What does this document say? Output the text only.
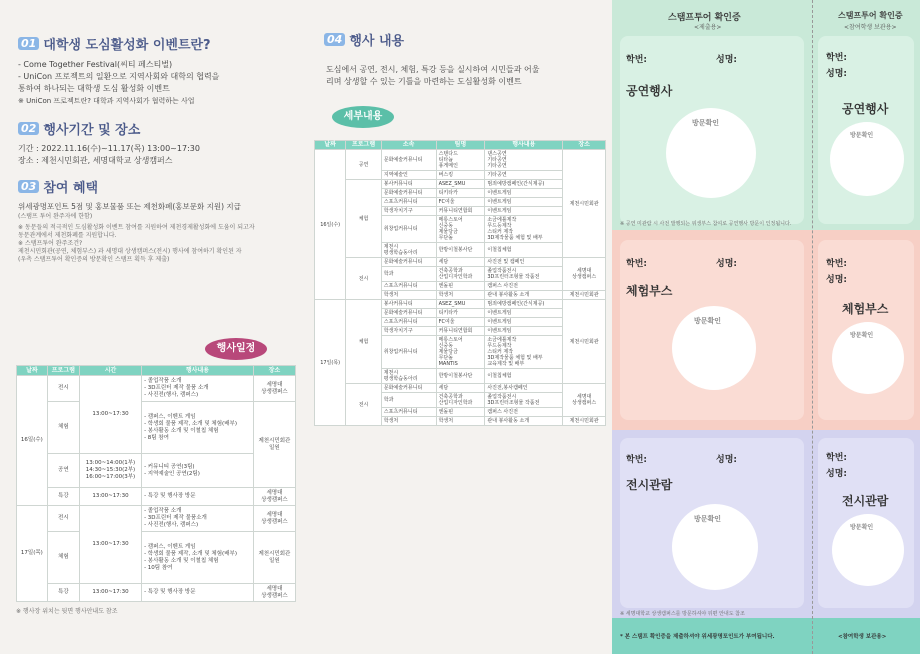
01 대학생 도심활성화 이벤트란?
- Come Together Festival(씨티 페스티벌)
- UniCon 프로젝트의 일환으로 지역사회와 대학의 협력을
통하여 하나되는 대학생 도심 활성화 이벤트
※ UniCon 프로젝트란? 대학과 지역사회가 협력하는 사업
02 행사기간 및 장소
기간 : 2022.11.16(수)~11.17(목) 13:00~17:30
장소 : 제천시민회관, 세명대학교 상생캠퍼스
03 참여 혜택
위세광명포인트 5점 및 홍보물품 또는 제천화폐(홍보문화 지원) 지급
(스탬프 투어 완주자에 한함)
※ 동문들의 적극적인 도심활성화 이벤트 참여를 지원하여 제천경제활성화에 도움이 되고자
동문관계에서 제천화폐를 지원합니다.
※ 스탬프투어 완주조건?
제천시민회관(공연, 체험부스) 과 세명대 상생캠퍼스(전시) 행사에 참여하기 확인된 자
(우측 스탬프투어 확인증의 방문확인 스탬프 획득 후 제출)
행사일정
날짜	프로그램	시간	행사내용	장소
16일(수)	전시	13:00~17:30	- 졸업작품 소개
- 3D프린터 제작 물품 소개
- 사진전(행사, 캠퍼스)	세명대
상생캠퍼스
	체험		- 캠퍼스, 이벤트 게임
- 학생회 물품 제작, 소개 및 체험(배부)
- 봉사활동 소개 및 이철칩 체험
- 8팀 참여	제천시민회관
일원
	공연	13:00~14:00(1부)
14:30~15:30(2부)
16:00~17:00(3부)	- 커뮤니티 공연(3팀)
- 지역예술인 공연(2팀)	
	특강	13:00~17:30	- 특강 및 행사장 방문	세명대
상생캠퍼스
17일(목)	전시	13:00~17:30	- 졸업작품 소개
- 3D프린터 제작 물품소개
- 사진전(행사, 캠퍼스)	세명대
상생캠퍼스
	체험		- 캠퍼스, 이벤트 게임
- 학생회 물품 제작, 소개 및 체험(배부)
- 봉사활동 소개 및 이철칩 체험
- 10팀 참여	제천시민회관
일원
	특강	13:00~17:30	- 특강 및 행사장 방문	세명대
상생캠퍼스
※ 행사장 위치는 뒷면 행사안내도 참조
04 행사 내용
도심에서 공연, 전시, 체험, 특강 등을 실시하여 시민들과 어울
리며 상생할 수 있는 기틀을 마련하는 도심활성화 이벤트
세부내용
날짜	프로그램	소속	팀명	행사내용	장소
16일(수)	공연	문화예술커뮤니티	스탠다드
티타늄
퐁게메인	댄스공연
기타공연
기타공연	제천시민회관
		지역예술인	버스킹	기타공연	
	체험	봉사커뮤니티	ASEZ_SMU	범죄예방캠페인(간식제공)	
		문화예술커뮤니티	티키타카	이벤트게임	
		스포츠커뮤니티	FC여울	이벤트게임	
		학생자치기구	커뮤니티연합회	이벤트게임	
		취창업커뮤니티	메롱스토어
신중동
제물당금
무단돌	소금에틀제작
무드등제작
스티커 제작
3D제작물품 체험 및 배부	
		제천시
평생학습동아리	한방이철봉사단	이철칩체험	
	전시	문화예술커뮤니티	세담	사진전 및 캠페인	세명대
상생캠퍼스
		학과	건축공학과
산업디자인학과	졸업작품전시
3D프린터조형물 작품전	
		스포츠커뮤니티	엔돌핀	캠퍼스 사진전	
		학생처	학생처	관내 봉사활동 소개	제천시민회관
17일(목)	체험	봉사커뮤니티	ASEZ_SMU	범죄예방캠페인(간식제공)	제천시민회관
		문화예술커뮤니티	티키타카	이벤트게임	
		스포츠커뮤니티	FC여울	이벤트게임	
		학생자치기구	커뮤니티연합회	이벤트게임	
		취창업커뮤니티	메롱스토어
신중동
제물당금
무단돌
MANTIS	소금에틀제작
무드등제작
스티커 제작
3D제작물품 체험 및 배부
교육제작 및 배부	
		제천시
평생학습동아리	한방이철봉사단	이철칩체험	
	전시	문화예술커뮤니티	세담	사진전,봉사캠페인	세명대
상생캠퍼스
		학과	건축공학과
산업디자인학과	졸업작품전시
3D프린터조형물 작품전	
		스포츠커뮤니티	엔돌핀	캠퍼스 사진전	
		학생처	학생처	관내 봉사활동 소개	제천시민회관
스탬프투어 확인증
<제출용>
스탬프투어 확인증
<참여학생 보관용>
학번:	성명:
공연행사
방문확인
※ 공연 미관람 시 사전 발행되는 위생부스 참여로 공연행사 방문이 인정됩니다.
학번:
성명:
공연행사
방문확인
학번:	성명:
체험부스
방문확인
학번:
성명:
체험부스
방문확인
학번:	성명:
전시관람
방문확인
※ 세명대학교 상생캠퍼스를 방문하셔야 뒤편 안내도 참조
학번:
성명:
전시관람
방문확인
* 본 스탬프 확인증을 제출하셔야 위세광명포인트가 부여됩니다.	<참여학생 보관용>
